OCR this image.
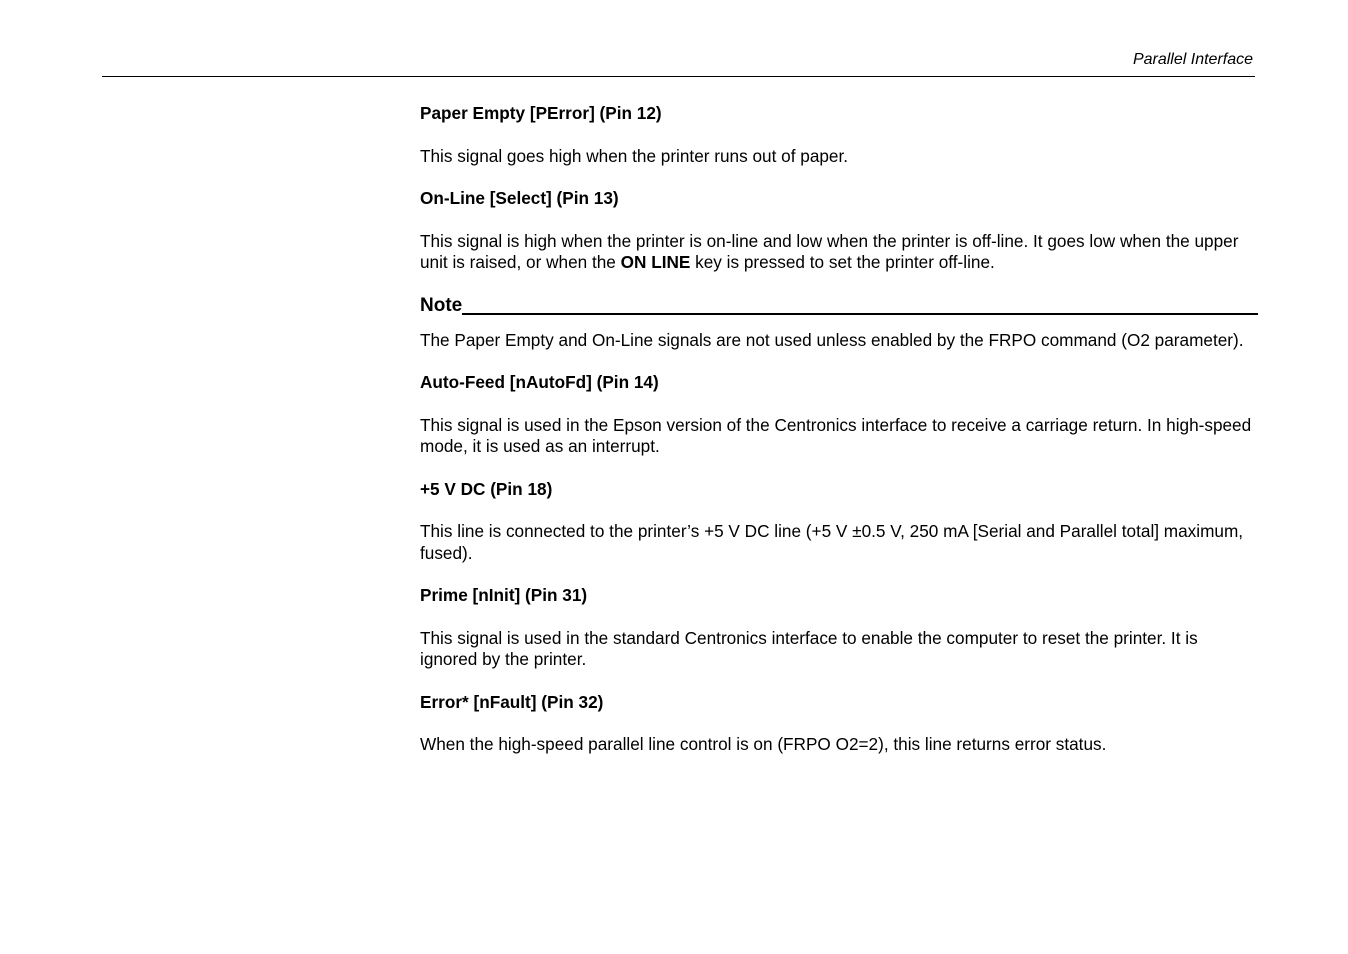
Parallel Interface
Paper Empty [PError] (Pin 12)
This signal goes high when the printer runs out of paper.
On-Line [Select] (Pin 13)
This signal is high when the printer is on-line and low when the printer is off-line. It goes low when the upper unit is raised, or when the ON LINE key is pressed to set the printer off-line.
Note
The Paper Empty and On-Line signals are not used unless enabled by the FRPO command (O2 parameter).
Auto-Feed [nAutoFd] (Pin 14)
This signal is used in the Epson version of the Centronics interface to receive a carriage return. In high-speed mode, it is used as an interrupt.
+5 V DC (Pin 18)
This line is connected to the printer’s +5 V DC line (+5 V ±0.5 V, 250 mA [Serial and Parallel total] maximum, fused).
Prime [nInit] (Pin 31)
This signal is used in the standard Centronics interface to enable the computer to reset the printer. It is ignored by the printer.
Error* [nFault] (Pin 32)
When the high-speed parallel line control is on (FRPO O2=2), this line returns error status.
